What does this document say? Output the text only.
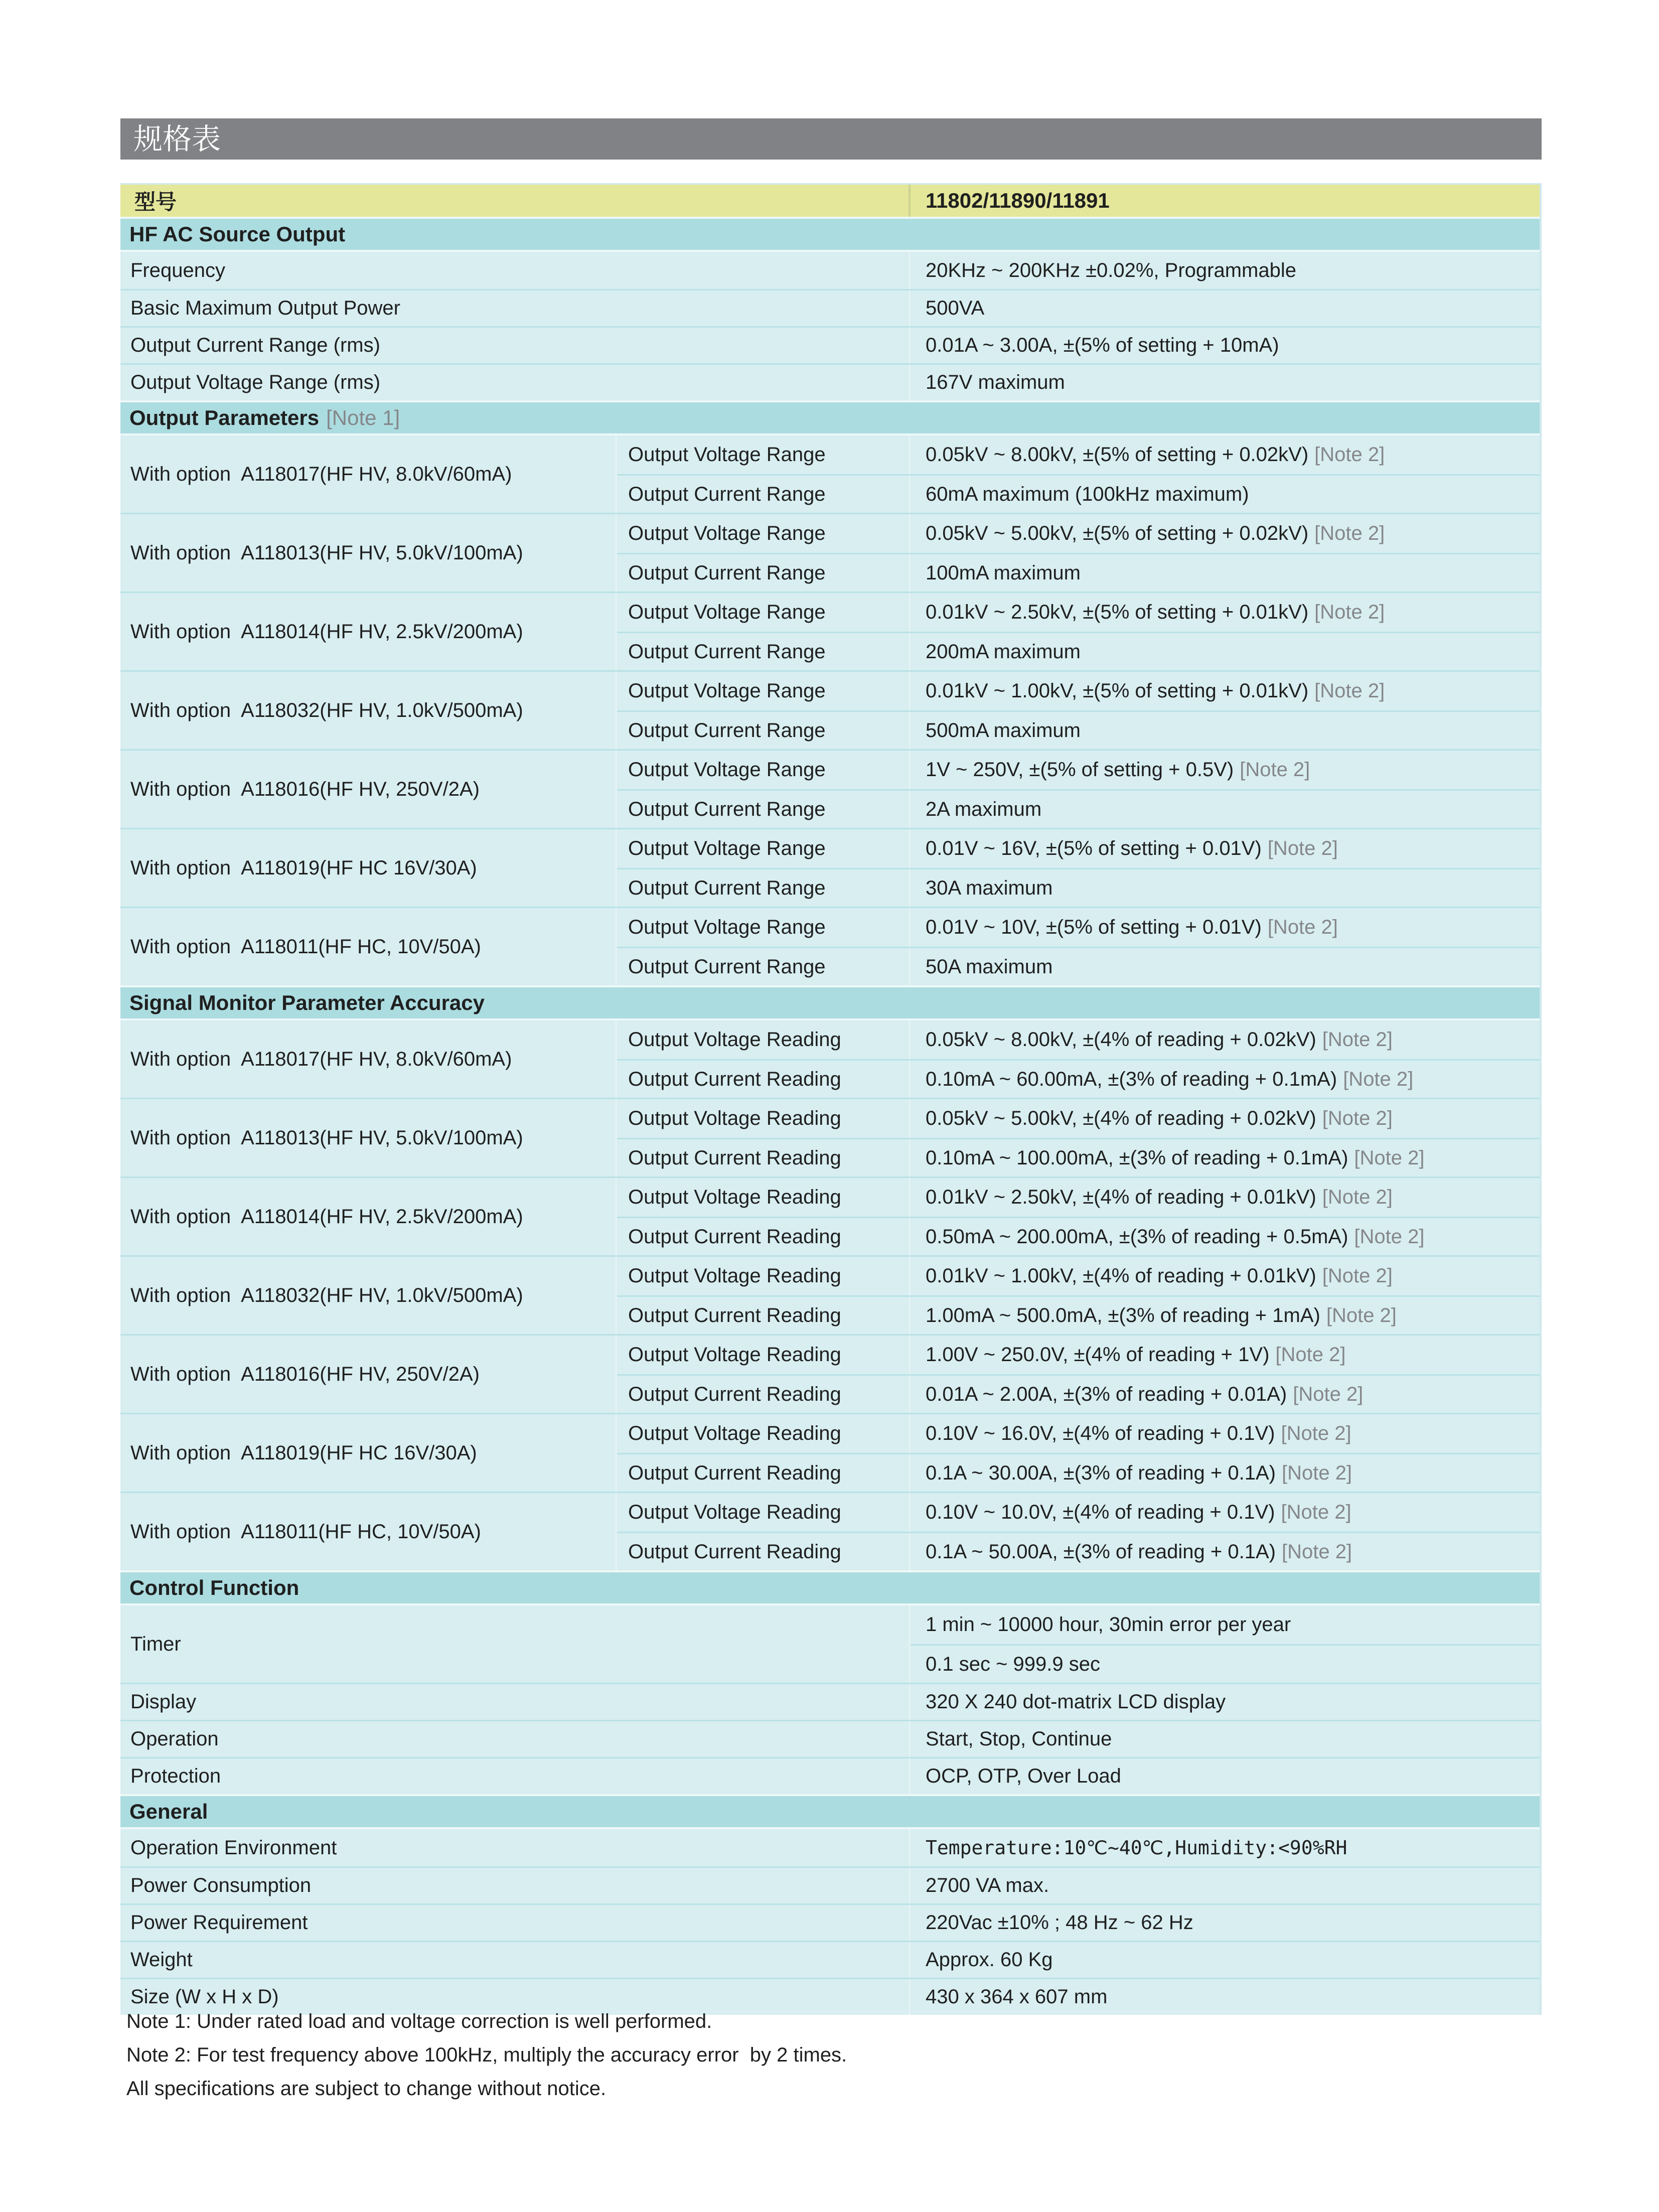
规格表
型号	11802/11890/11891
HF AC Source Output
Frequency	20KHz ~ 200KHz ±0.02%, Programmable
Basic Maximum Output Power	500VA
Output Current Range (rms)	0.01A ~ 3.00A, ±(5% of setting + 10mA)
Output Voltage Range (rms)	167V maximum
Output Parameters [Note 1]
With option  A118017(HF HV, 8.0kV/60mA)
Output Voltage Range	0.05kV ~ 8.00kV, ±(5% of setting + 0.02kV) [Note 2]
Output Current Range	60mA maximum (100kHz maximum)
With option  A118013(HF HV, 5.0kV/100mA)
Output Voltage Range	0.05kV ~ 5.00kV, ±(5% of setting + 0.02kV) [Note 2]
Output Current Range	100mA maximum
With option  A118014(HF HV, 2.5kV/200mA)
Output Voltage Range	0.01kV ~ 2.50kV, ±(5% of setting + 0.01kV) [Note 2]
Output Current Range	200mA maximum
With option  A118032(HF HV, 1.0kV/500mA)
Output Voltage Range	0.01kV ~ 1.00kV, ±(5% of setting + 0.01kV) [Note 2]
Output Current Range	500mA maximum
With option  A118016(HF HV, 250V/2A)
Output Voltage Range	1V ~ 250V, ±(5% of setting + 0.5V) [Note 2]
Output Current Range	2A maximum
With option  A118019(HF HC 16V/30A)
Output Voltage Range	0.01V ~ 16V, ±(5% of setting + 0.01V) [Note 2]
Output Current Range	30A maximum
With option  A118011(HF HC, 10V/50A)
Output Voltage Range	0.01V ~ 10V, ±(5% of setting + 0.01V) [Note 2]
Output Current Range	50A maximum
Signal Monitor Parameter Accuracy
With option  A118017(HF HV, 8.0kV/60mA)
Output Voltage Reading	0.05kV ~ 8.00kV, ±(4% of reading + 0.02kV) [Note 2]
Output Current Reading	0.10mA ~ 60.00mA, ±(3% of reading + 0.1mA) [Note 2]
With option  A118013(HF HV, 5.0kV/100mA)
Output Voltage Reading	0.05kV ~ 5.00kV, ±(4% of reading + 0.02kV) [Note 2]
Output Current Reading	0.10mA ~ 100.00mA, ±(3% of reading + 0.1mA) [Note 2]
With option  A118014(HF HV, 2.5kV/200mA)
Output Voltage Reading	0.01kV ~ 2.50kV, ±(4% of reading + 0.01kV) [Note 2]
Output Current Reading	0.50mA ~ 200.00mA, ±(3% of reading + 0.5mA) [Note 2]
With option  A118032(HF HV, 1.0kV/500mA)
Output Voltage Reading	0.01kV ~ 1.00kV, ±(4% of reading + 0.01kV) [Note 2]
Output Current Reading	1.00mA ~ 500.0mA, ±(3% of reading + 1mA) [Note 2]
With option  A118016(HF HV, 250V/2A)
Output Voltage Reading	1.00V ~ 250.0V, ±(4% of reading + 1V) [Note 2]
Output Current Reading	0.01A ~ 2.00A, ±(3% of reading + 0.01A) [Note 2]
With option  A118019(HF HC 16V/30A)
Output Voltage Reading	0.10V ~ 16.0V, ±(4% of reading + 0.1V) [Note 2]
Output Current Reading	0.1A ~ 30.00A, ±(3% of reading + 0.1A) [Note 2]
With option  A118011(HF HC, 10V/50A)
Output Voltage Reading	0.10V ~ 10.0V, ±(4% of reading + 0.1V) [Note 2]
Output Current Reading	0.1A ~ 50.00A, ±(3% of reading + 0.1A) [Note 2]
Control Function
Timer
1 min ~ 10000 hour, 30min error per year
0.1 sec ~ 999.9 sec
Display	320 X 240 dot-matrix LCD display
Operation	Start, Stop, Continue
Protection	OCP, OTP, Over Load
General
Operation Environment	Temperature:10℃~40℃,Humidity:<90%RH
Power Consumption	2700 VA max.
Power Requirement	220Vac ±10% ; 48 Hz ~ 62 Hz
Weight	Approx. 60 Kg
Size (W x H x D)	430 x 364 x 607 mm
Note 1: Under rated load and voltage correction is well performed.
Note 2: For test frequency above 100kHz, multiply the accuracy error  by 2 times.
All specifications are subject to change without notice.
